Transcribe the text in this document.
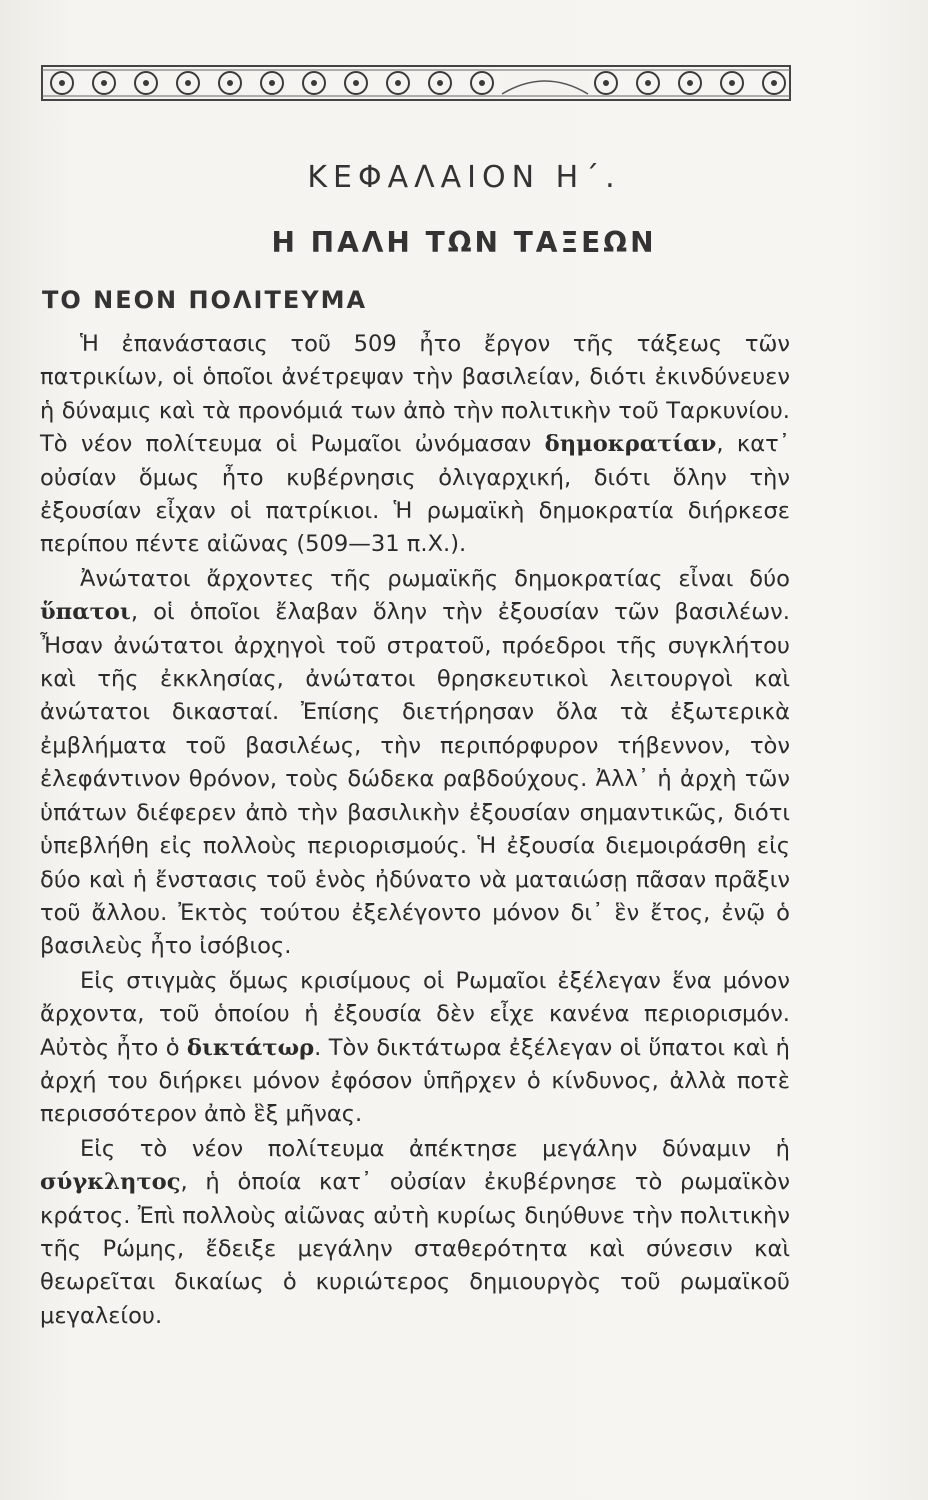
ΚΕΦΑΛΑΙΟΝ Η΄.
Η ΠΑΛΗ ΤΩΝ ΤΑΞΕΩΝ
ΤΟ ΝΕΟΝ ΠΟΛΙΤΕΥΜΑ

Ἡ ἐπανάστασις τοῦ 509 ἦτο ἔργον τῆς τάξεως τῶν πατρικίων, οἱ ὁποῖοι ἀνέτρεψαν τὴν βασιλείαν, διότι ἐκινδύνευεν ἡ δύναμις καὶ τὰ προνόμιά των ἀπὸ τὴν πολιτικὴν τοῦ Ταρκυνίου. Τὸ νέον πολίτευμα οἱ Ρωμαῖοι ὠνόμασαν δημοκρατίαν, κατ᾽ οὐσίαν ὅμως ἦτο κυβέρνησις ὀλιγαρχική, διότι ὅλην τὴν ἐξουσίαν εἶχαν οἱ πατρίκιοι. Ἡ ρωμαϊκὴ δημοκρατία διήρκεσε περίπου πέντε αἰῶνας (509—31 π.Χ.).

Ἀνώτατοι ἄρχοντες τῆς ρωμαϊκῆς δημοκρατίας εἶναι δύο ὕπατοι, οἱ ὁποῖοι ἔλαβαν ὅλην τὴν ἐξουσίαν τῶν βασιλέων. Ἦσαν ἀνώτατοι ἀρχηγοὶ τοῦ στρατοῦ, πρόεδροι τῆς συγκλήτου καὶ τῆς ἐκκλησίας, ἀνώτατοι θρησκευτικοὶ λειτουργοὶ καὶ ἀνώτατοι δικασταί. Ἐπίσης διετήρησαν ὅλα τὰ ἐξωτερικὰ ἐμβλήματα τοῦ βασιλέως, τὴν περιπόρφυρον τήβεννον, τὸν ἐλεφάντινον θρόνον, τοὺς δώδεκα ραβδούχους. Ἀλλ᾽ ἡ ἀρχὴ τῶν ὑπάτων διέφερεν ἀπὸ τὴν βασιλικὴν ἐξουσίαν σημαντικῶς, διότι ὑπεβλήθη εἰς πολλοὺς περιορισμούς. Ἡ ἐξουσία διεμοιράσθη εἰς δύο καὶ ἡ ἔνστασις τοῦ ἑνὸς ἠδύνατο νὰ ματαιώσῃ πᾶσαν πρᾶξιν τοῦ ἄλλου. Ἐκτὸς τούτου ἐξελέγοντο μόνον δι᾽ ἓν ἔτος, ἐνῷ ὁ βασιλεὺς ἦτο ἰσόβιος.

Εἰς στιγμὰς ὅμως κρισίμους οἱ Ρωμαῖοι ἐξέλεγαν ἕνα μόνον ἄρχοντα, τοῦ ὁποίου ἡ ἐξουσία δὲν εἶχε κανένα περιορισμόν. Αὐτὸς ἦτο ὁ δικτάτωρ. Τὸν δικτάτωρα ἐξέλεγαν οἱ ὕπατοι καὶ ἡ ἀρχή του διήρκει μόνον ἐφόσον ὑπῆρχεν ὁ κίνδυνος, ἀλλὰ ποτὲ περισσότερον ἀπὸ ἓξ μῆνας.

Εἰς τὸ νέον πολίτευμα ἀπέκτησε μεγάλην δύναμιν ἡ σύγκλητος, ἡ ὁποία κατ᾽ οὐσίαν ἐκυβέρνησε τὸ ρωμαϊκὸν κράτος. Ἐπὶ πολλοὺς αἰῶνας αὐτὴ κυρίως διηύθυνε τὴν πολιτικὴν τῆς Ρώμης, ἔδειξε μεγάλην σταθερότητα καὶ σύνεσιν καὶ θεωρεῖται δικαίως ὁ κυριώτερος δημιουργὸς τοῦ ρωμαϊκοῦ μεγαλείου.
